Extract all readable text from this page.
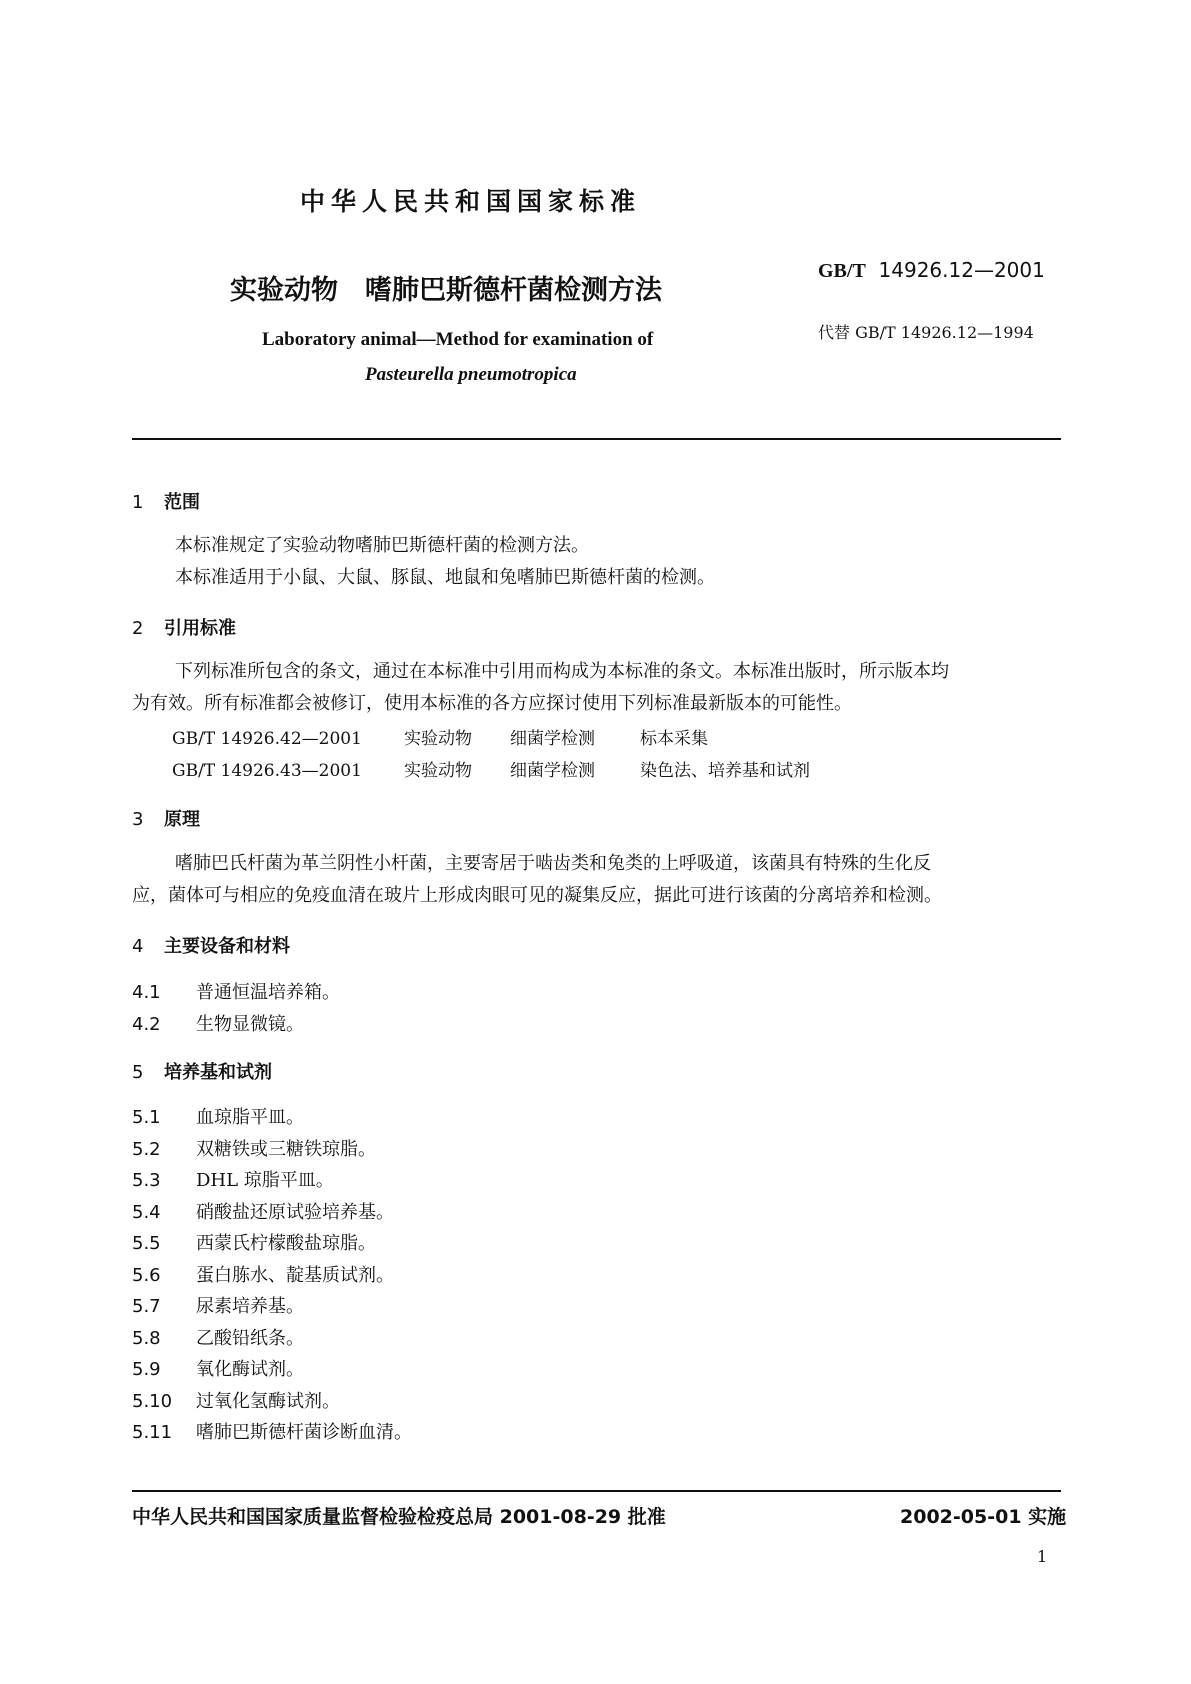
中华人民共和国国家标准
GB/T 14926.12—2001
代替 GB/T 14926.12—1994
实验动物　嗜肺巴斯德杆菌检测方法
Laboratory animal—Method for examination of
Pasteurella pneumotropica
1 范围
本标准规定了实验动物嗜肺巴斯德杆菌的检测方法。
本标准适用于小鼠、大鼠、豚鼠、地鼠和兔嗜肺巴斯德杆菌的检测。
2 引用标准
下列标准所包含的条文，通过在本标准中引用而构成为本标准的条文。本标准出版时，所示版本均
为有效。所有标准都会被修订，使用本标准的各方应探讨使用下列标准最新版本的可能性。
GB/T 14926.42—2001 实验动物 细菌学检测	标本采集
GB/T 14926.43—2001 实验动物 细菌学检测	染色法、培养基和试剂
3 原理
嗜肺巴氏杆菌为革兰阴性小杆菌，主要寄居于啮齿类和兔类的上呼吸道，该菌具有特殊的生化反
应，菌体可与相应的免疫血清在玻片上形成肉眼可见的凝集反应，据此可进行该菌的分离培养和检测。
4 主要设备和材料
4.1 普通恒温培养箱。
4.2 生物显微镜。
5 培养基和试剂
5.1 血琼脂平皿。
5.2 双糖铁或三糖铁琼脂。
5.3 DHL 琼脂平皿。
5.4 硝酸盐还原试验培养基。
5.5 西蒙氏柠檬酸盐琼脂。
5.6 蛋白胨水、靛基质试剂。
5.7 尿素培养基。
5.8 乙酸铅纸条。
5.9 氧化酶试剂。
5.10 过氧化氢酶试剂。
5.11 嗜肺巴斯德杆菌诊断血清。
中华人民共和国国家质量监督检验检疫总局 2001-08-29 批准	2002-05-01 实施
1
